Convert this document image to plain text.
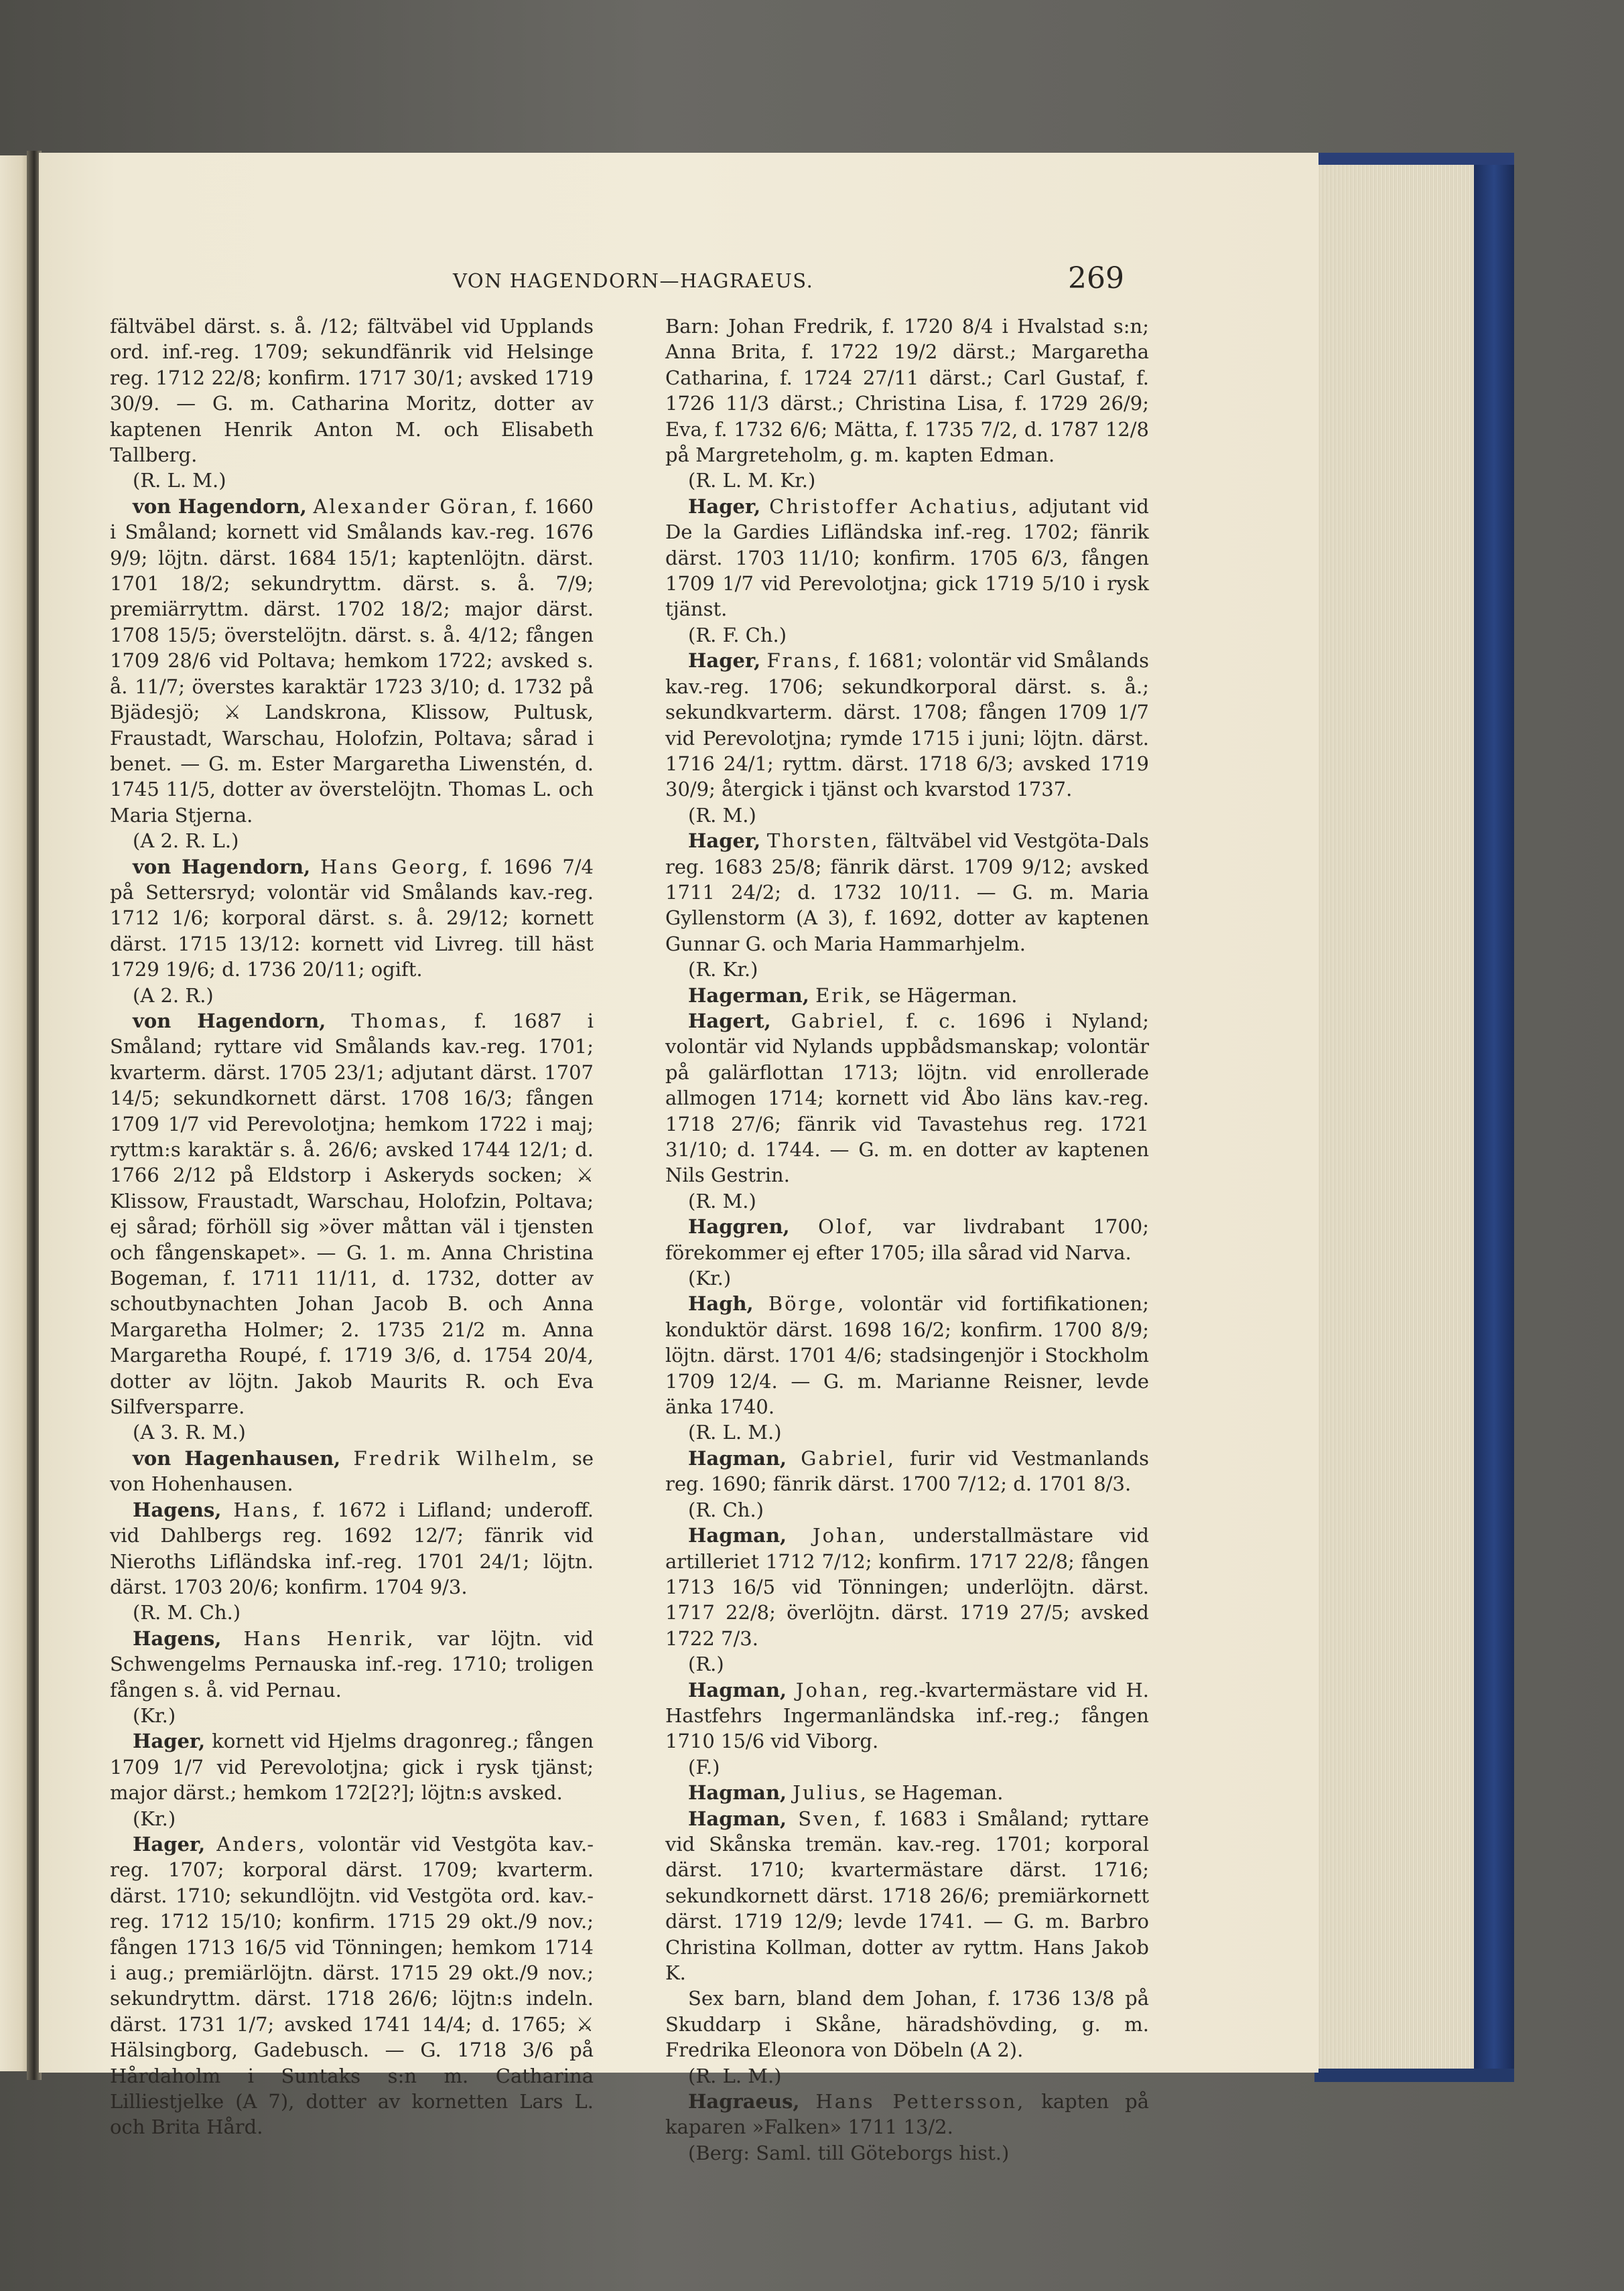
VON HAGENDORN—HAGRAEUS.	269

fältväbel därst. s. å. /12; fältväbel vid Upplands ord. inf.-reg. 1709; sekundfänrik vid Helsinge reg. 1712 22/8; konfirm. 1717 30/1; avsked 1719 30/9. — G. m. Catharina Moritz, dotter av kaptenen Henrik Anton M. och Elisabeth Tallberg.

(R. L. M.)

von Hagendorn, Alexander Göran, f. 1660 i Småland; kornett vid Smålands kav.-reg. 1676 9/9; löjtn. därst. 1684 15/1; kaptenlöjtn. därst. 1701 18/2; sekundryttm. därst. s. å. 7/9; premiärryttm. därst. 1702 18/2; major därst. 1708 15/5; överstelöjtn. därst. s. å. 4/12; fången 1709 28/6 vid Poltava; hemkom 1722; avsked s. å. 11/7; överstes karaktär 1723 3/10; d. 1732 på Bjädesjö; ⚔ Landskrona, Klissow, Pultusk, Fraustadt, Warschau, Holofzin, Poltava; sårad i benet. — G. m. Ester Margaretha Liwenstén, d. 1745 11/5, dotter av överstelöjtn. Thomas L. och Maria Stjerna.

(A 2. R. L.)

von Hagendorn, Hans Georg, f. 1696 7/4 på Settersryd; volontär vid Smålands kav.-reg. 1712 1/6; korporal därst. s. å. 29/12; kornett därst. 1715 13/12: kornett vid Livreg. till häst 1729 19/6; d. 1736 20/11; ogift.

(A 2. R.)

von Hagendorn, Thomas, f. 1687 i Småland; ryttare vid Smålands kav.-reg. 1701; kvarterm. därst. 1705 23/1; adjutant därst. 1707 14/5; sekundkornett därst. 1708 16/3; fången 1709 1/7 vid Perevolotjna; hemkom 1722 i maj; ryttm:s karaktär s. å. 26/6; avsked 1744 12/1; d. 1766 2/12 på Eldstorp i Askeryds socken; ⚔ Klissow, Fraustadt, Warschau, Holofzin, Poltava; ej sårad; förhöll sig »över måttan väl i tjensten och fångenskapet». — G. 1. m. Anna Christina Bogeman, f. 1711 11/11, d. 1732, dotter av schoutbynachten Johan Jacob B. och Anna Margaretha Holmer; 2. 1735 21/2 m. Anna Margaretha Roupé, f. 1719 3/6, d. 1754 20/4, dotter av löjtn. Jakob Maurits R. och Eva Silfversparre.

(A 3. R. M.)

von Hagenhausen, Fredrik Wilhelm, se von Hohenhausen.

Hagens, Hans, f. 1672 i Lifland; underoff. vid Dahlbergs reg. 1692 12/7; fänrik vid Nieroths Lifländska inf.-reg. 1701 24/1; löjtn. därst. 1703 20/6; konfirm. 1704 9/3.

(R. M. Ch.)

Hagens, Hans Henrik, var löjtn. vid Schwengelms Pernauska inf.-reg. 1710; troligen fången s. å. vid Pernau.

(Kr.)

Hager, kornett vid Hjelms dragonreg.; fången 1709 1/7 vid Perevolotjna; gick i rysk tjänst; major därst.; hemkom 172[2?]; löjtn:s avsked.

(Kr.)

Hager, Anders, volontär vid Vestgöta kav.-reg. 1707; korporal därst. 1709; kvarterm. därst. 1710; sekundlöjtn. vid Vestgöta ord. kav.-reg. 1712 15/10; konfirm. 1715 29 okt./9 nov.; fången 1713 16/5 vid Tönningen; hemkom 1714 i aug.; premiärlöjtn. därst. 1715 29 okt./9 nov.; sekundryttm. därst. 1718 26/6; löjtn:s indeln. därst. 1731 1/7; avsked 1741 14/4; d. 1765; ⚔ Hälsingborg, Gadebusch. — G. 1718 3/6 på Hårdaholm i Suntaks s:n m. Catharina Lilliestjelke (A 7), dotter av kornetten Lars L. och Brita Hård.

Barn: Johan Fredrik, f. 1720 8/4 i Hvalstad s:n; Anna Brita, f. 1722 19/2 därst.; Margaretha Catharina, f. 1724 27/11 därst.; Carl Gustaf, f. 1726 11/3 därst.; Christina Lisa, f. 1729 26/9; Eva, f. 1732 6/6; Mätta, f. 1735 7/2, d. 1787 12/8 på Margreteholm, g. m. kapten Edman.

(R. L. M. Kr.)

Hager, Christoffer Achatius, adjutant vid De la Gardies Lifländska inf.-reg. 1702; fänrik därst. 1703 11/10; konfirm. 1705 6/3, fången 1709 1/7 vid Perevolotjna; gick 1719 5/10 i rysk tjänst.

(R. F. Ch.)

Hager, Frans, f. 1681; volontär vid Smålands kav.-reg. 1706; sekundkorporal därst. s. å.; sekundkvarterm. därst. 1708; fången 1709 1/7 vid Perevolotjna; rymde 1715 i juni; löjtn. därst. 1716 24/1; ryttm. därst. 1718 6/3; avsked 1719 30/9; återgick i tjänst och kvarstod 1737.

(R. M.)

Hager, Thorsten, fältväbel vid Vestgöta-Dals reg. 1683 25/8; fänrik därst. 1709 9/12; avsked 1711 24/2; d. 1732 10/11. — G. m. Maria Gyllenstorm (A 3), f. 1692, dotter av kaptenen Gunnar G. och Maria Hammarhjelm.

(R. Kr.)

Hagerman, Erik, se Hägerman.

Hagert, Gabriel, f. c. 1696 i Nyland; volontär vid Nylands uppbådsmanskap; volontär på galärflottan 1713; löjtn. vid enrollerade allmogen 1714; kornett vid Åbo läns kav.-reg. 1718 27/6; fänrik vid Tavastehus reg. 1721 31/10; d. 1744. — G. m. en dotter av kaptenen Nils Gestrin.

(R. M.)

Haggren, Olof, var livdrabant 1700; förekommer ej efter 1705; illa sårad vid Narva.

(Kr.)

Hagh, Börge, volontär vid fortifikationen; konduktör därst. 1698 16/2; konfirm. 1700 8/9; löjtn. därst. 1701 4/6; stadsingenjör i Stockholm 1709 12/4. — G. m. Marianne Reisner, levde änka 1740.

(R. L. M.)

Hagman, Gabriel, furir vid Vestmanlands reg. 1690; fänrik därst. 1700 7/12; d. 1701 8/3.

(R. Ch.)

Hagman, Johan, understallmästare vid artilleriet 1712 7/12; konfirm. 1717 22/8; fången 1713 16/5 vid Tönningen; underlöjtn. därst. 1717 22/8; överlöjtn. därst. 1719 27/5; avsked 1722 7/3.

(R.)

Hagman, Johan, reg.-kvartermästare vid H. Hastfehrs Ingermanländska inf.-reg.; fången 1710 15/6 vid Viborg.

(F.)

Hagman, Julius, se Hageman.

Hagman, Sven, f. 1683 i Småland; ryttare vid Skånska tremän. kav.-reg. 1701; korporal därst. 1710; kvartermästare därst. 1716; sekundkornett därst. 1718 26/6; premiärkornett därst. 1719 12/9; levde 1741. — G. m. Barbro Christina Kollman, dotter av ryttm. Hans Jakob K.

Sex barn, bland dem Johan, f. 1736 13/8 på Skuddarp i Skåne, häradshövding, g. m. Fredrika Eleonora von Döbeln (A 2).

(R. L. M.)

Hagraeus, Hans Pettersson, kapten på kaparen »Falken» 1711 13/2.

(Berg: Saml. till Göteborgs hist.)
